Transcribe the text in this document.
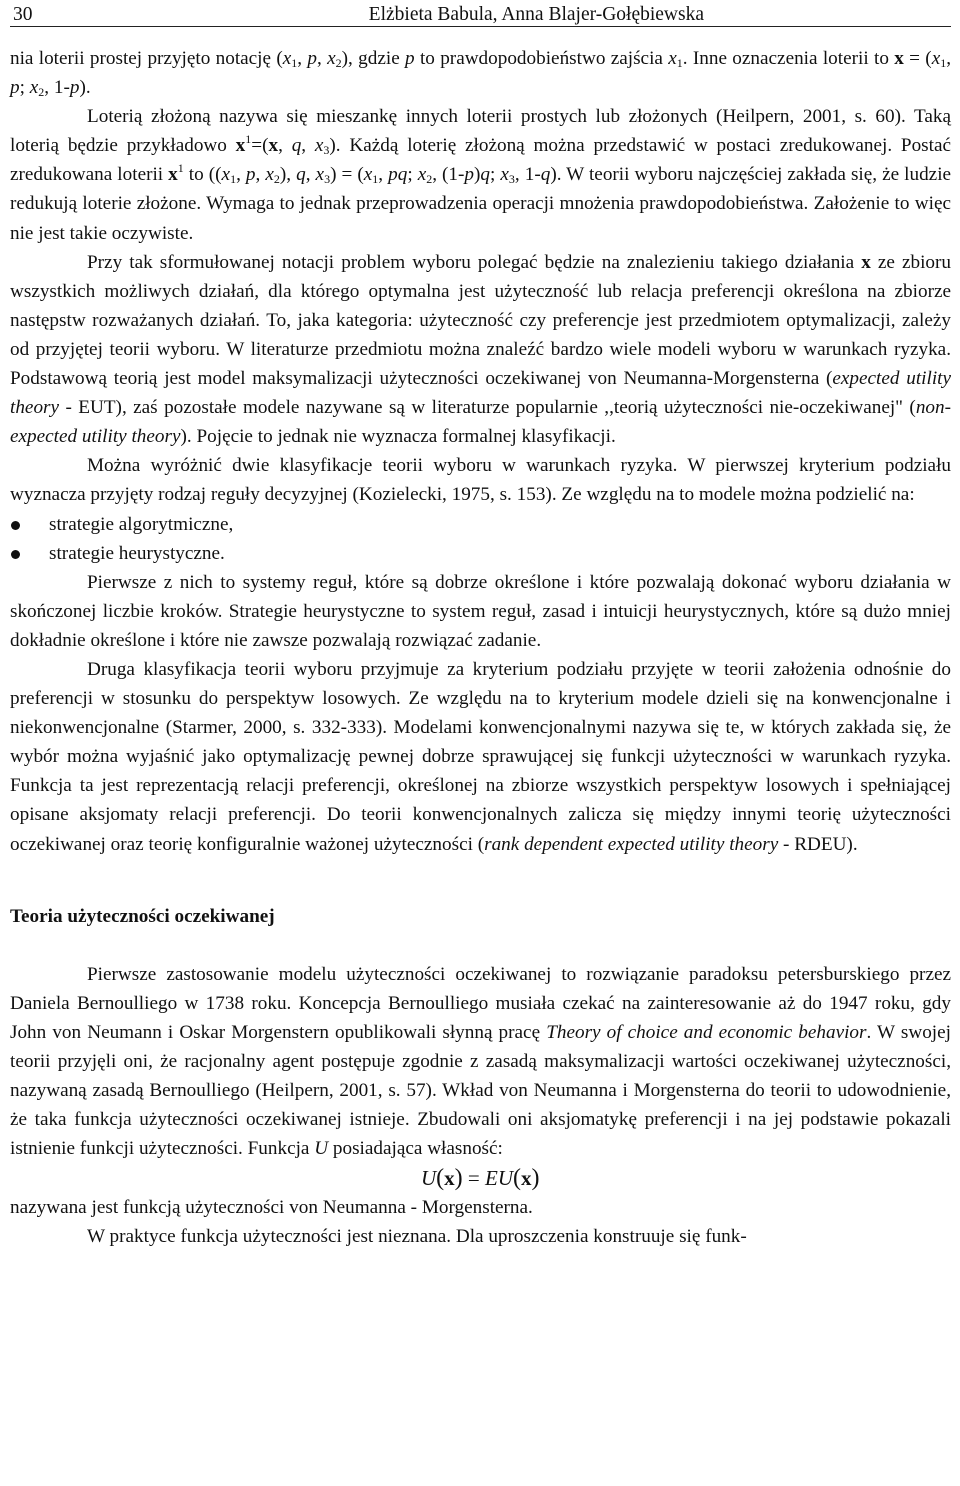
30	Elżbieta Babula, Anna Blajer-Gołębiewska

nia loterii prostej przyjęto notację ($x_1$, p, $x_2$), gdzie p to prawdopodobieństwo zajścia $x_1$. Inne oznaczenia loterii to $x = (x_1$, p; $x_2$, 1-p).

Loterią złożoną nazywa się mieszankę innych loterii prostych lub złożonych (Heilpern, 2001, s. 60). Taką loterią będzie przykładowo $x^1=(x$, q, $x_3$). Każdą loterię złożoną można przedstawić w postaci zredukowanej. Postać zredukowana loterii $x^1$ to (($x_1$, p, $x_2$), q, $x_3) = (x_1$, pq; $x_2$, (1-p)q; $x_3$, 1-q). W teorii wyboru najczęściej zakłada się, że ludzie redukują loterie złożone. Wymaga to jednak przeprowadzenia operacji mnożenia prawdopodobieństwa. Założenie to więc nie jest takie oczywiste.

Przy tak sformułowanej notacji problem wyboru polegać będzie na znalezieniu takiego działania x ze zbioru wszystkich możliwych działań, dla którego optymalna jest użyteczność lub relacja preferencji określona na zbiorze następstw rozważanych działań. To, jaka kategoria: użyteczność czy preferencje jest przedmiotem optymalizacji, zależy od przyjętej teorii wyboru. W literaturze przedmiotu można znaleźć bardzo wiele modeli wyboru w warunkach ryzyka. Podstawową teorią jest model maksymalizacji użyteczności oczekiwanej von Neumanna-Morgensterna (expected utility theory - EUT), zaś pozostałe modele nazywane są w literaturze popularnie ,,teorią użyteczności nie-oczekiwanej" (non-expected utility theory). Pojęcie to jednak nie wyznacza formalnej klasyfikacji.

Można wyróżnić dwie klasyfikacje teorii wyboru w warunkach ryzyka. W pierwszej kryterium podziału wyznacza przyjęty rodzaj reguły decyzyjnej (Kozielecki, 1975, s. 153). Ze względu na to modele można podzielić na:

strategie algorytmiczne,
strategie heurystyczne.

Pierwsze z nich to systemy reguł, które są dobrze określone i które pozwalają dokonać wyboru działania w skończonej liczbie kroków. Strategie heurystyczne to system reguł, zasad i intuicji heurystycznych, które są dużo mniej dokładnie określone i które nie zawsze pozwalają rozwiązać zadanie.

Druga klasyfikacja teorii wyboru przyjmuje za kryterium podziału przyjęte w teorii założenia odnośnie do preferencji w stosunku do perspektyw losowych. Ze względu na to kryterium modele dzieli się na konwencjonalne i niekonwencjonalne (Starmer, 2000, s. 332-333). Modelami konwencjonalnymi nazywa się te, w których zakłada się, że wybór można wyjaśnić jako optymalizację pewnej dobrze sprawującej się funkcji użyteczności w warunkach ryzyka. Funkcja ta jest reprezentacją relacji preferencji, określonej na zbiorze wszystkich perspektyw losowych i spełniającej opisane aksjomaty relacji preferencji. Do teorii konwencjonalnych zalicza się między innymi teorię użyteczności oczekiwanej oraz teorię konfiguralnie ważonej użyteczności (rank dependent expected utility theory - RDEU).

Teoria użyteczności oczekiwanej

Pierwsze zastosowanie modelu użyteczności oczekiwanej to rozwiązanie paradoksu petersburskiego przez Daniela Bernoulliego w 1738 roku. Koncepcja Bernoulliego musiała czekać na zainteresowanie aż do 1947 roku, gdy John von Neumann i Oskar Morgenstern opublikowali słynną pracę Theory of choice and economic behavior. W swojej teorii przyjęli oni, że racjonalny agent postępuje zgodnie z zasadą maksymalizacji wartości oczekiwanej użyteczności, nazywaną zasadą Bernoulliego (Heilpern, 2001, s. 57). Wkład von Neumanna i Morgensterna do teorii to udowodnienie, że taka funkcja użyteczności oczekiwanej istnieje. Zbudowali oni aksjomatykę preferencji i na jej podstawie pokazali istnienie funkcji użyteczności. Funkcja U posiadająca własność:

U(x) = EU(x)

nazywana jest funkcją użyteczności von Neumanna - Morgensterna.

W praktyce funkcja użyteczności jest nieznana. Dla uproszczenia konstruuje się funk-
